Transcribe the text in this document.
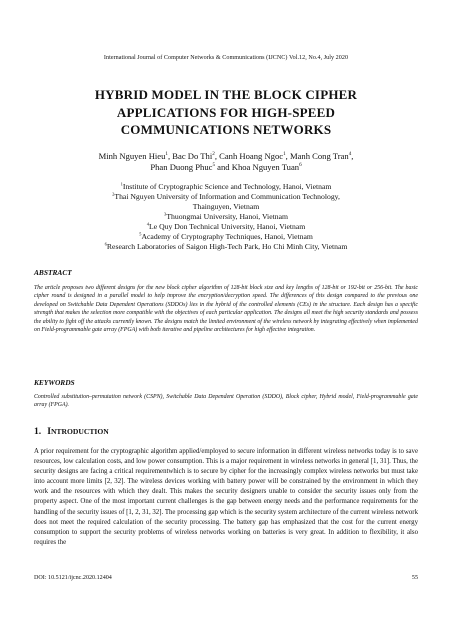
International Journal of Computer Networks & Communications (IJCNC) Vol.12, No.4, July 2020
HYBRID MODEL IN THE BLOCK CIPHER
APPLICATIONS FOR HIGH-SPEED
COMMUNICATIONS NETWORKS
Minh Nguyen Hieu$^1$, Bac Do Thi$^2$, Canh Hoang Ngoc$^1$, Manh Cong Tran$^4$,
Phan Duong Phuc$^5$ and Khoa Nguyen Tuan$^6$
$^1$Institute of Cryptographic Science and Technology, Hanoi, Vietnam
$^2$Thai Nguyen University of Information and Communication Technology,
Thainguyen, Vietnam
$^3$Thuongmai University, Hanoi, Vietnam
$^4$Le Quy Don Technical University, Hanoi, Vietnam
$^5$Academy of Cryptography Techniques, Hanoi, Vietnam
$^6$Research Laboratories of Saigon High-Tech Park, Ho Chi Minh City, Vietnam
ABSTRACT
The article proposes two different designs for the new block cipher algorithm of 128-bit block size and key lengths of 128-bit or 192-bit or 256-bit. The basic cipher round is designed in a parallel model to help improve the encryption/decryption speed. The differences of this design compared to the previous one developed on Switchable Data Dependent Operations (SDDOs) lies in the hybrid of the controlled elements (CEs) in the structure. Each design has a specific strength that makes the selection more compatible with the objectives of each particular application. The designs all meet the high security standards and possess the ability to fight off the attacks currently known. The designs match the limited environment of the wireless network by integrating effectively when implemented on Field-programmable gate array (FPGA) with both iterative and pipeline architectures for high effective integration.
KEYWORDS
Controlled substitution–permutation network (CSPN), Switchable Data Dependent Operation (SDDO), Block cipher, Hybrid model, Field-programmable gate array (FPGA).
1. INTRODUCTION
A prior requirement for the cryptographic algorithm applied/employed to secure information in different wireless networks today is to save resources, low calculation costs, and low power consumption. This is a major requirement in wireless networks in general [1, 31]. Thus, the security designs are facing a critical requirementwhich is to secure by cipher for the increasingly complex wireless networks but must take into account more limits [2, 32]. The wireless devices working with battery power will be constrained by the environment in which they work and the resources with which they dealt. This makes the security designers unable to consider the security issues only from the property aspect. One of the most important current challenges is the gap between energy needs and the performance requirements for the handling of the security issues of [1, 2, 31, 32]. The processing gap which is the security system architecture of the current wireless network does not meet the required calculation of the security processing. The battery gap has emphasized that the cost for the current energy consumption to support the security problems of wireless networks working on batteries is very great. In addition to flexibility, it also requires the
DOI: 10.5121/ijcnc.2020.12404	55
